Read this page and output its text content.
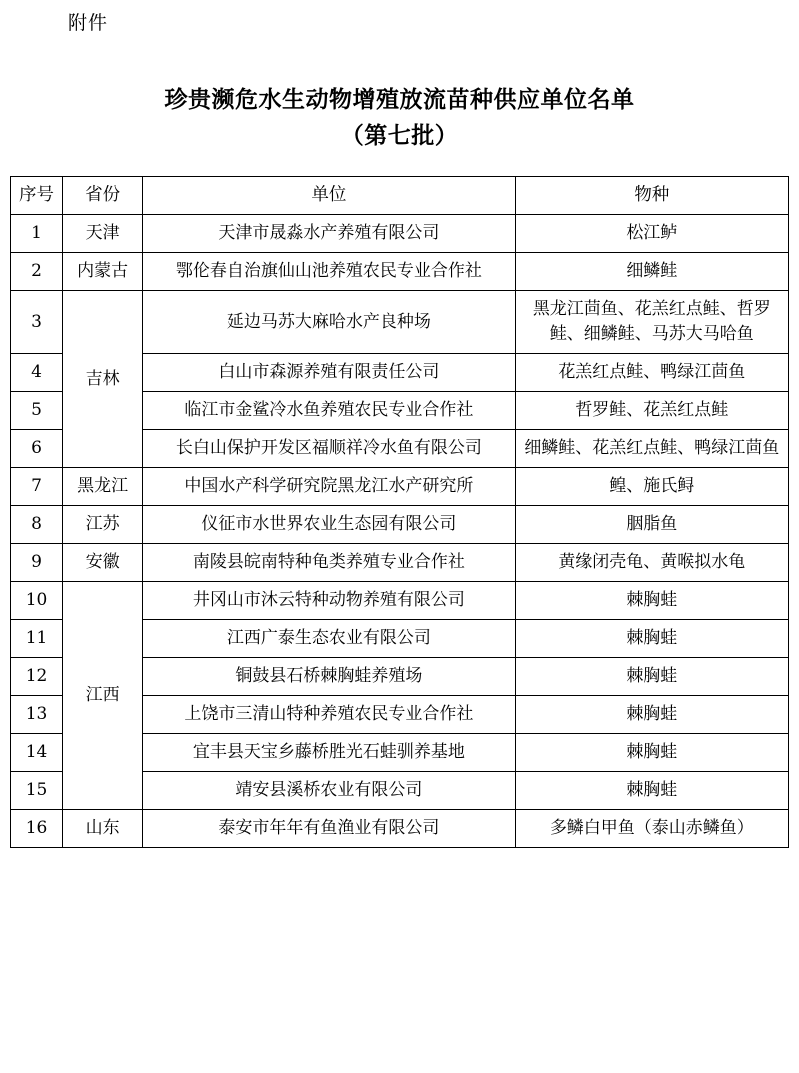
附件
珍贵濒危水生动物增殖放流苗种供应单位名单
（第七批）
序号	省份	单位	物种
1	天津	天津市晟淼水产养殖有限公司	松江鲈
2	内蒙古	鄂伦春自治旗仙山池养殖农民专业合作社	细鳞鲑
3	吉林	延边马苏大麻哈水产良种场	黑龙江茴鱼、花羔红点鲑、哲罗鲑、细鳞鲑、马苏大马哈鱼
4		白山市森源养殖有限责任公司	花羔红点鲑、鸭绿江茴鱼
5		临江市金鲨冷水鱼养殖农民专业合作社	哲罗鲑、花羔红点鲑
6		长白山保护开发区福顺祥冷水鱼有限公司	细鳞鲑、花羔红点鲑、鸭绿江茴鱼
7	黑龙江	中国水产科学研究院黑龙江水产研究所	鳇、施氏鲟
8	江苏	仪征市水世界农业生态园有限公司	胭脂鱼
9	安徽	南陵县皖南特种龟类养殖专业合作社	黄缘闭壳龟、黄喉拟水龟
10	江西	井冈山市沐云特种动物养殖有限公司	棘胸蛙
11		江西广泰生态农业有限公司	棘胸蛙
12		铜鼓县石桥棘胸蛙养殖场	棘胸蛙
13		上饶市三清山特种养殖农民专业合作社	棘胸蛙
14		宜丰县天宝乡藤桥胜光石蛙驯养基地	棘胸蛙
15		靖安县溪桥农业有限公司	棘胸蛙
16	山东	泰安市年年有鱼渔业有限公司	多鳞白甲鱼（泰山赤鳞鱼）
